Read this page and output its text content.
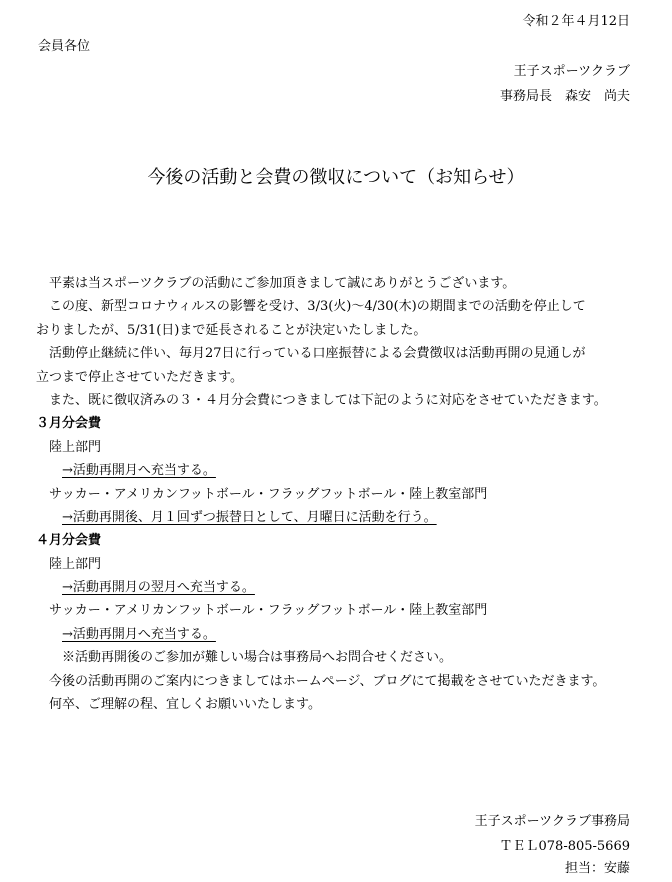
令和２年４月12日
会員各位
王子スポーツクラブ
事務局長　森安　尚夫
今後の活動と会費の徴収について（お知らせ）
平素は当スポーツクラブの活動にご参加頂きまして誠にありがとうございます。
この度、新型コロナウィルスの影響を受け、3/3(火)～4/30(木)の期間までの活動を停止して
おりましたが、5/31(日)まで延長されることが決定いたしました。
活動停止継続に伴い、毎月27日に行っている口座振替による会費徴収は活動再開の見通しが
立つまで停止させていただきます。
また、既に徴収済みの３・４月分会費につきましては下記のように対応をさせていただきます。
３月分会費
陸上部門
→活動再開月へ充当する。
サッカー・アメリカンフットボール・フラッグフットボール・陸上教室部門
→活動再開後、月１回ずつ振替日として、月曜日に活動を行う。
４月分会費
陸上部門
→活動再開月の翌月へ充当する。
サッカー・アメリカンフットボール・フラッグフットボール・陸上教室部門
→活動再開月へ充当する。
※活動再開後のご参加が難しい場合は事務局へお問合せください。
今後の活動再開のご案内につきましてはホームページ、ブログにて掲載をさせていただきます。
何卒、ご理解の程、宜しくお願いいたします。
王子スポーツクラブ事務局
ＴＥＬ078-805-5669
担当：安藤
